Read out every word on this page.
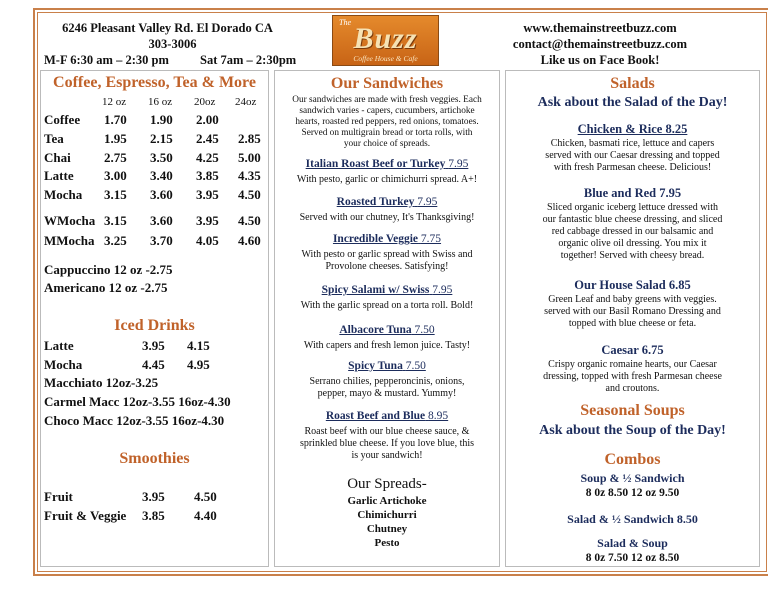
6246 Pleasant Valley Rd. El Dorado CA
303-3006
M-F 6:30 am – 2:30 pm Sat 7am – 2:30pm
The Buzz
Coffee House & Cafe
www.themainstreetbuzz.com
contact@themainstreetbuzz.com
Like us on Face Book!
Coffee, Espresso, Tea & More
12 oz 16 oz 20oz 24oz
Coffee 1.70 1.90 2.00
Tea	1.95 2.15 2.45 2.85
Chai	2.75 3.50 4.25 5.00
Latte 3.00 3.40 3.85 4.35
Mocha 3.15 3.60 3.95 4.50
WMocha 3.15 3.60 3.95 4.50
MMocha 3.25 3.70 4.05 4.60
Cappuccino 12 oz -2.75
Americano 12 oz -2.75
Iced Drinks
Latte	3.95 4.15
Mocha	4.45 4.95
Macchiato 12oz-3.25
Carmel Macc 12oz-3.55 16oz-4.30
Choco Macc 12oz-3.55 16oz-4.30
Smoothies
Fruit	3.95 4.50
Fruit & Veggie 3.85 4.40
Our Sandwiches
Our sandwiches are made with fresh veggies. Each
sandwich varies - capers, cucumbers, artichoke
hearts, roasted red peppers, red onions, tomatoes.
Served on multigrain bread or torta rolls, with
your choice of spreads.
Italian Roast Beef or Turkey 7.95
With pesto, garlic or chimichurri spread. A+!
Roasted Turkey 7.95
Served with our chutney, It's Thanksgiving!
Incredible Veggie 7.75
With pesto or garlic spread with Swiss and
Provolone cheeses. Satisfying!
Spicy Salami w/ Swiss 7.95
With the garlic spread on a torta roll. Bold!
Albacore Tuna 7.50
With capers and fresh lemon juice. Tasty!
Spicy Tuna 7.50
Serrano chilies, pepperoncinis, onions,
pepper, mayo & mustard. Yummy!
Roast Beef and Blue 8.95
Roast beef with our blue cheese sauce, &
sprinkled blue cheese. If you love blue, this
is your sandwich!
Our Spreads-
Garlic Artichoke
Chimichurri
Chutney
Pesto
Salads
Ask about the Salad of the Day!
Chicken & Rice 8.25
Chicken, basmati rice, lettuce and capers
served with our Caesar dressing and topped
with fresh Parmesan cheese. Delicious!
Blue and Red 7.95
Sliced organic iceberg lettuce dressed with
our fantastic blue cheese dressing, and sliced
red cabbage dressed in our balsamic and
organic olive oil dressing. You mix it
together! Served with cheesy bread.
Our House Salad 6.85
Green Leaf and baby greens with veggies.
served with our Basil Romano Dressing and
topped with blue cheese or feta.
Caesar 6.75
Crispy organic romaine hearts, our Caesar
dressing, topped with fresh Parmesan cheese
and croutons.
Seasonal Soups
Ask about the Soup of the Day!
Combos
Soup & ½ Sandwich
8 0z 8.50 12 oz 9.50
Salad & ½ Sandwich 8.50
Salad & Soup
8 0z 7.50 12 oz 8.50
